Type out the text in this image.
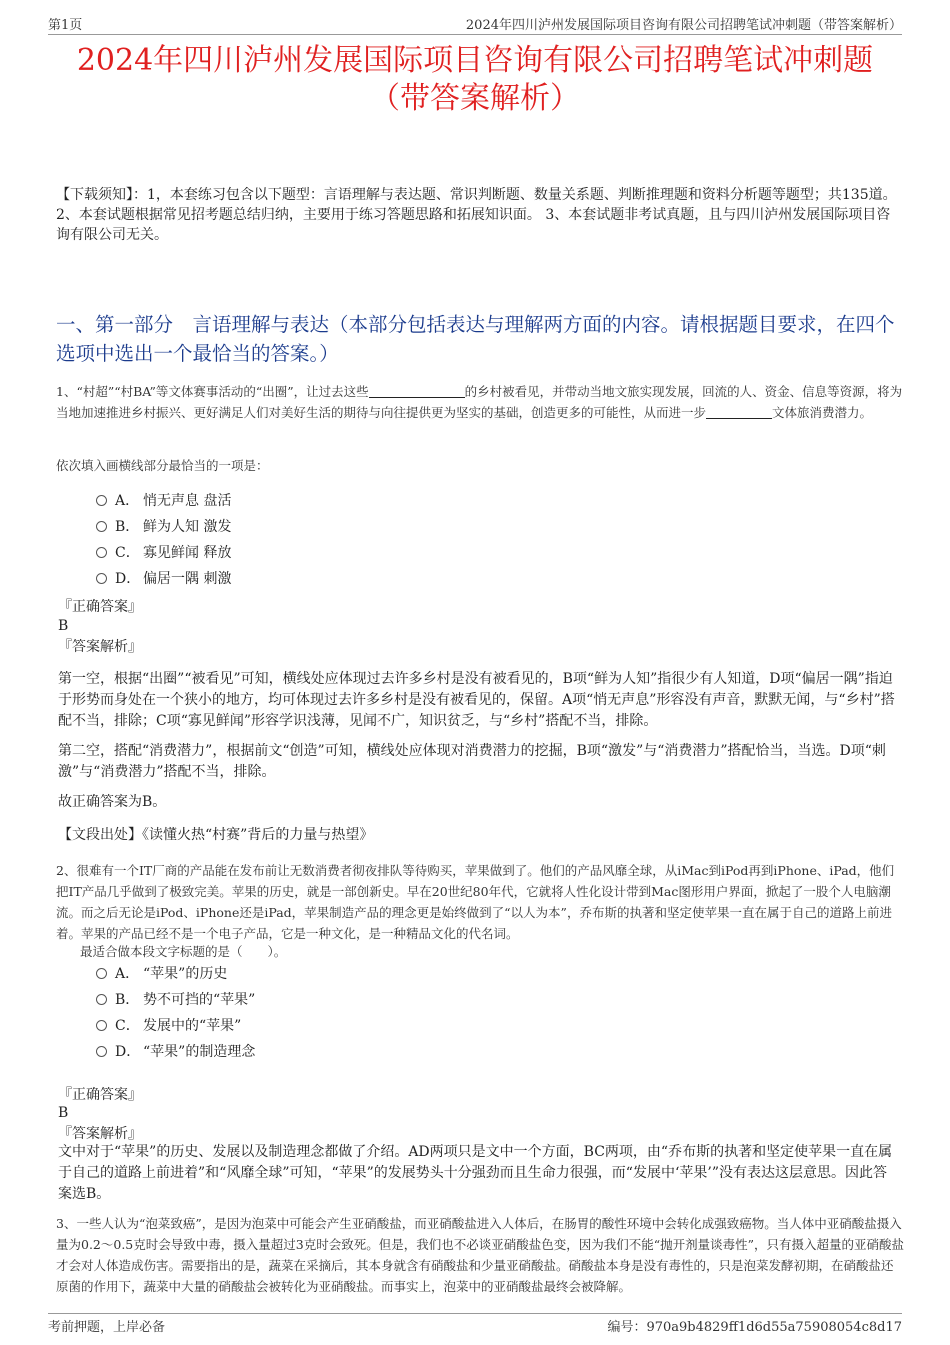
第1页	2024年四川泸州发展国际项目咨询有限公司招聘笔试冲刺题（带答案解析）
2024年四川泸州发展国际项目咨询有限公司招聘笔试冲刺题
（带答案解析）
【下载须知】：1，本套练习包含以下题型：言语理解与表达题、常识判断题、数量关系题、判断推理题和资料分析题等题型；共135道。 2、本套试题根据常见招考题总结归纳，主要用于练习答题思路和拓展知识面。 3、本套试题非考试真题，且与四川泸州发展国际项目咨询有限公司无关。
一、第一部分　言语理解与表达（本部分包括表达与理解两方面的内容。请根据题目要求，在四个选项中选出一个最恰当的答案。）
1、“村超”“村BA”等文体赛事活动的“出圈”，让过去这些	的乡村被看见，并带动当地文旅实现发展，回流的人、资金、信息等资源，将为当地加速推进乡村振兴、更好满足人们对美好生活的期待与向往提供更为坚实的基础，创造更多的可能性，从而进一步	文体旅消费潜力。
依次填入画横线部分最恰当的一项是：
A． 悄无声息 盘活
B． 鲜为人知 激发
C． 寡见鲜闻 释放
D． 偏居一隅 刺激
『正确答案』
B
『答案解析』
第一空，根据“出圈”“被看见”可知，横线处应体现过去许多乡村是没有被看见的，B项“鲜为人知”指很少有人知道，D项“偏居一隅”指迫于形势而身处在一个狭小的地方，均可体现过去许多乡村是没有被看见的，保留。A项“悄无声息”形容没有声音，默默无闻，与“乡村”搭配不当，排除；C项“寡见鲜闻”形容学识浅薄，见闻不广，知识贫乏，与“乡村”搭配不当，排除。
第二空，搭配“消费潜力”，根据前文“创造”可知，横线处应体现对消费潜力的挖掘，B项“激发”与“消费潜力”搭配恰当，当选。D项“刺激”与“消费潜力”搭配不当，排除。
故正确答案为B。
【文段出处】《读懂火热“村赛”背后的力量与热望》
2、很难有一个IT厂商的产品能在发布前让无数消费者彻夜排队等待购买，苹果做到了。他们的产品风靡全球，从iMac到iPod再到iPhone、iPad，他们把IT产品几乎做到了极致完美。苹果的历史，就是一部创新史。早在20世纪80年代，它就将人性化设计带到Mac图形用户界面，掀起了一股个人电脑潮流。而之后无论是iPod、iPhone还是iPad，苹果制造产品的理念更是始终做到了“以人为本”，乔布斯的执著和坚定使苹果一直在属于自己的道路上前进着。苹果的产品已经不是一个电子产品，它是一种文化，是一种精品文化的代名词。
最适合做本段文字标题的是（　　）。
A． “苹果”的历史
B． 势不可挡的“苹果”
C． 发展中的“苹果”
D． “苹果”的制造理念
『正确答案』
B
『答案解析』
文中对于“苹果”的历史、发展以及制造理念都做了介绍。AD两项只是文中一个方面，BC两项，由“乔布斯的执著和坚定使苹果一直在属于自己的道路上前进着”和“风靡全球”可知，“苹果”的发展势头十分强劲而且生命力很强，而“发展中‘苹果’”没有表达这层意思。因此答案选B。
3、一些人认为“泡菜致癌”，是因为泡菜中可能会产生亚硝酸盐，而亚硝酸盐进入人体后，在肠胃的酸性环境中会转化成强致癌物。当人体中亚硝酸盐摄入量为0.2～0.5克时会导致中毒，摄入量超过3克时会致死。但是，我们也不必谈亚硝酸盐色变，因为我们不能“抛开剂量谈毒性”，只有摄入超量的亚硝酸盐才会对人体造成伤害。需要指出的是，蔬菜在采摘后，其本身就含有硝酸盐和少量亚硝酸盐。硝酸盐本身是没有毒性的，只是泡菜发酵初期，在硝酸盐还原菌的作用下，蔬菜中大量的硝酸盐会被转化为亚硝酸盐。而事实上，泡菜中的亚硝酸盐最终会被降解。
考前押题，上岸必备	编号：970a9b4829ff1d6d55a75908054c8d17
